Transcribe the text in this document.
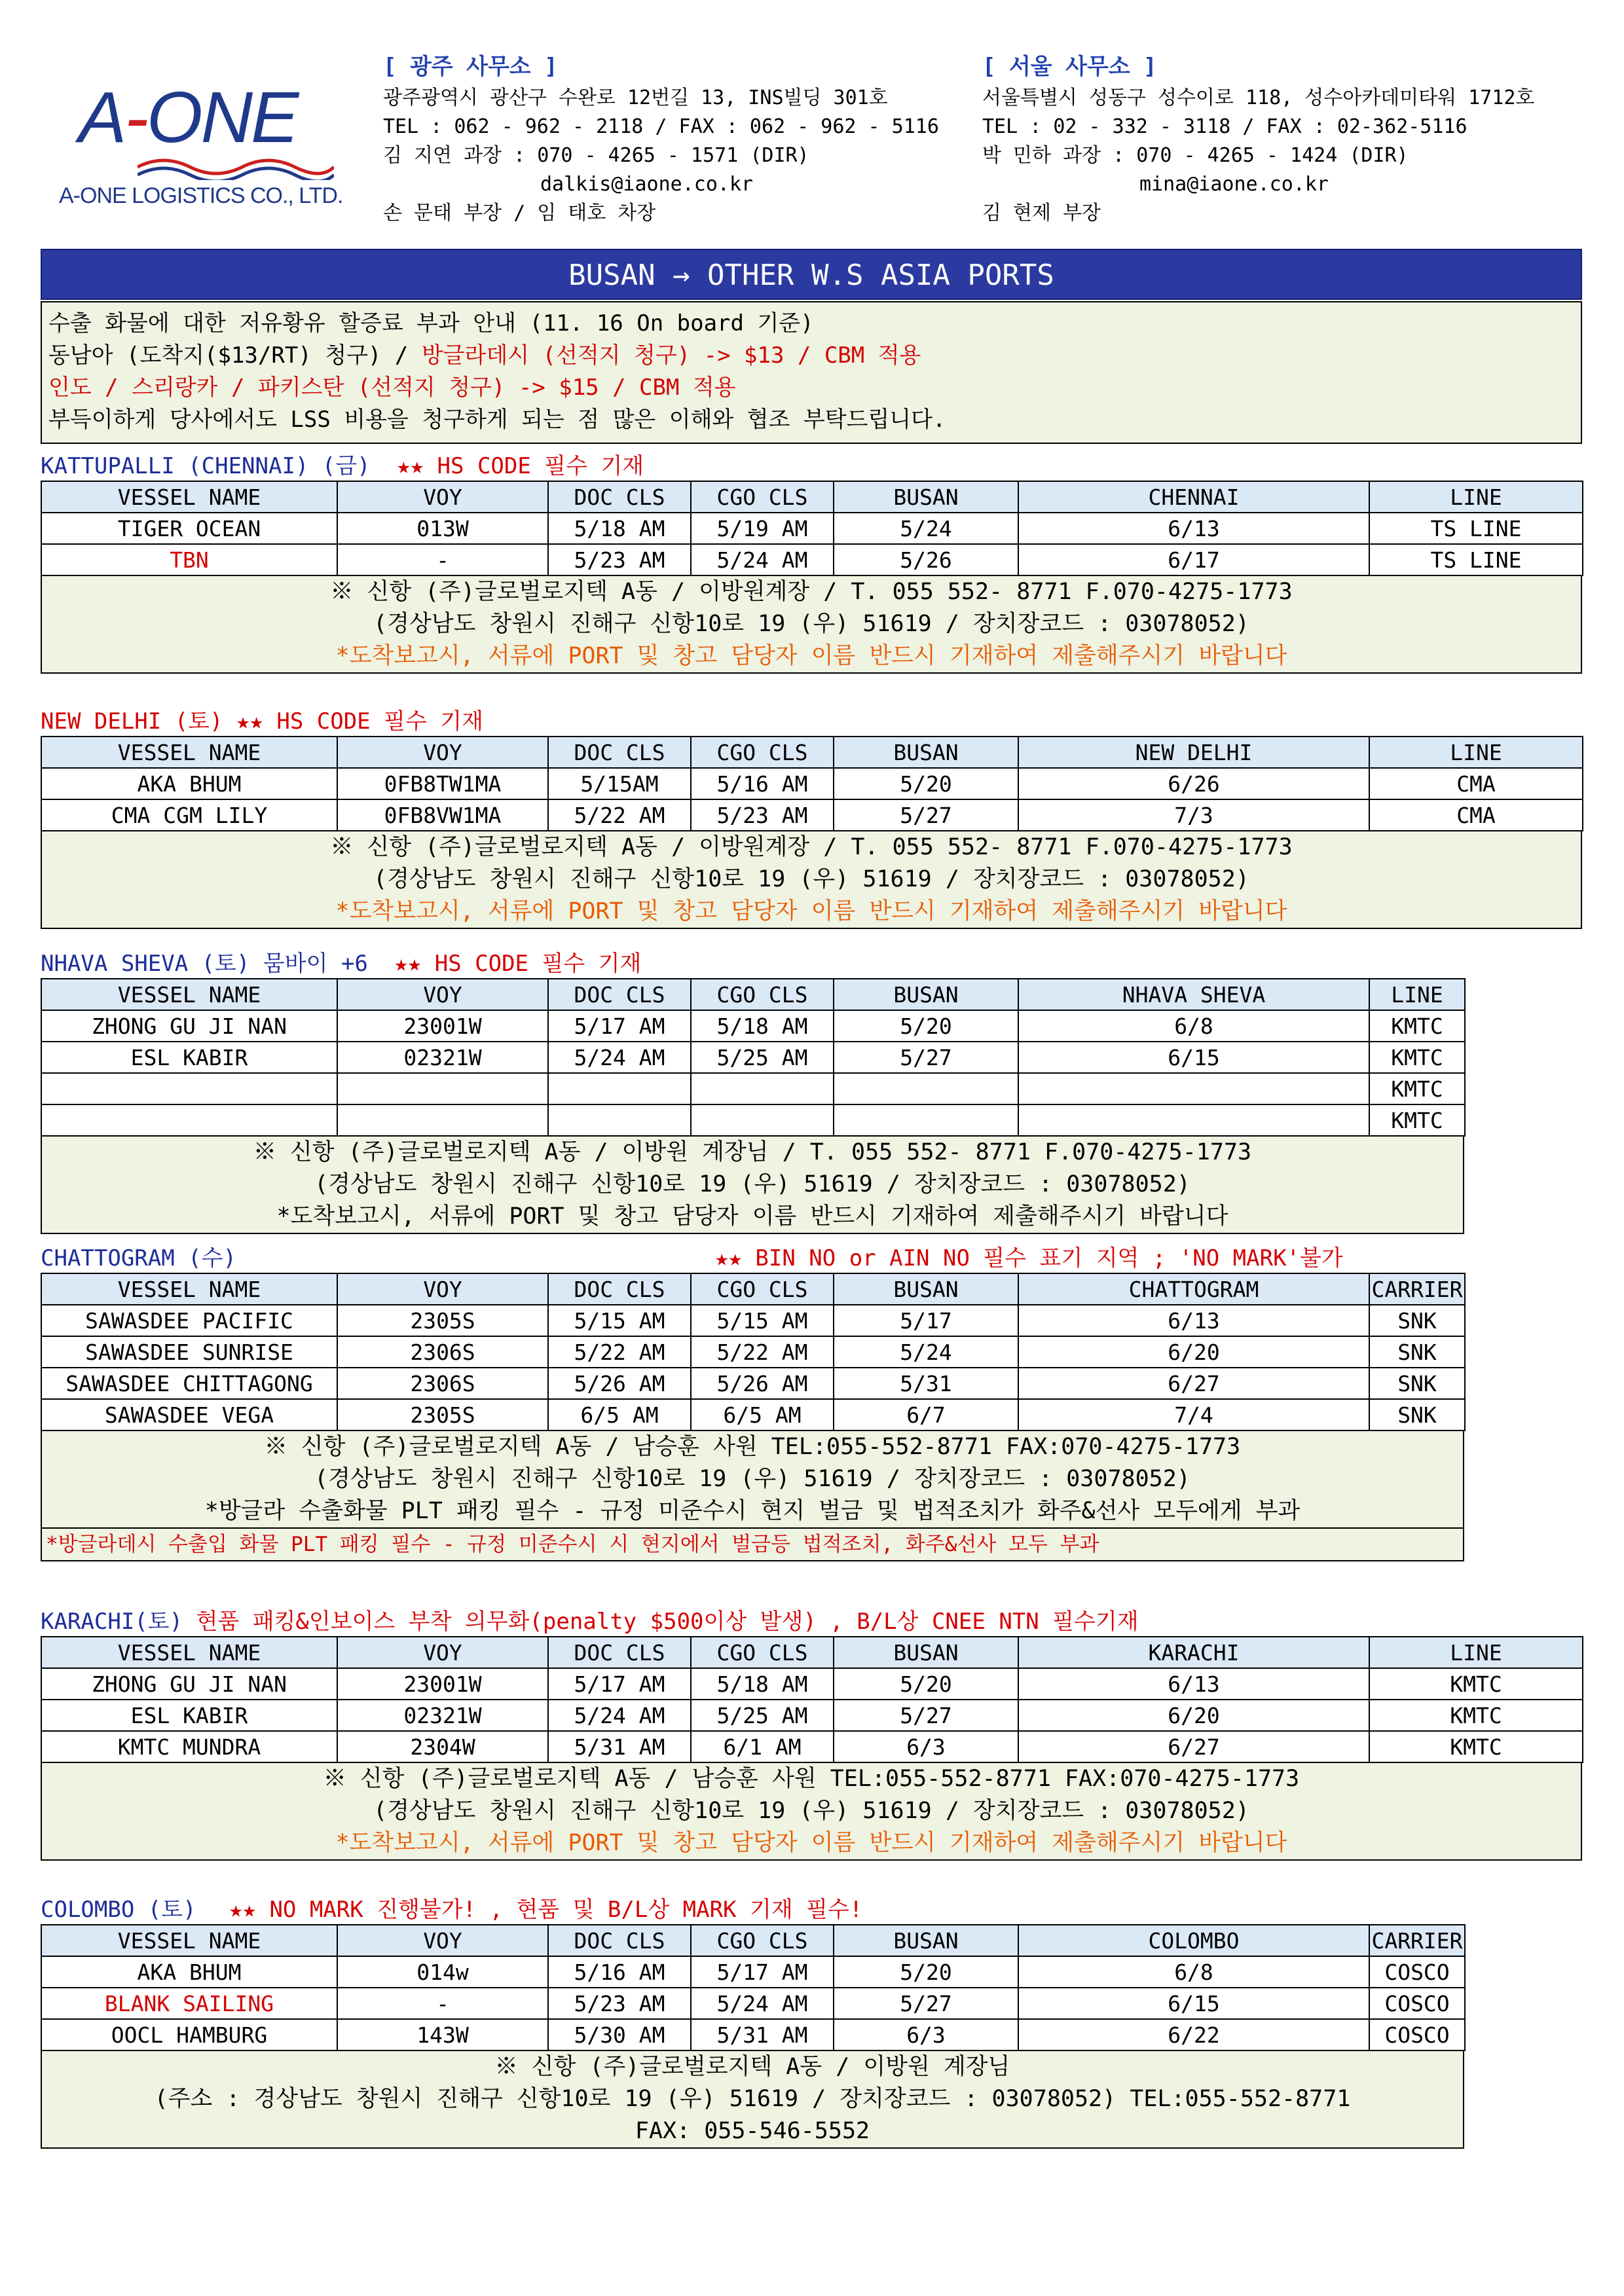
A-ONE
A-ONE LOGISTICS CO., LTD.
[ 광주 사무소 ]
광주광역시 광산구 수완로 12번길 13, INS빌딩 301호
TEL : 062 - 962 - 2118 / FAX : 062 - 962 - 5116
김 지연 과장 : 070 - 4265 - 1571 (DIR)
dalkis@iaone.co.kr
손 문태 부장 / 임 태호 차장
[ 서울 사무소 ]
서울특별시 성동구 성수이로 118, 성수아카데미타워 1712호
TEL : 02 - 332 - 3118 / FAX : 02-362-5116
박 민하 과장 : 070 - 4265 - 1424 (DIR)
mina@iaone.co.kr
김 현제 부장
BUSAN → OTHER W.S ASIA PORTS
수출 화물에 대한 저유황유 할증료 부과 안내 (11. 16 On board 기준)
동남아 (도착지($13/RT) 청구) / 방글라데시 (선적지 청구) -> $13 / CBM 적용
인도 / 스리랑카 / 파키스탄 (선적지 청구) -> $15 / CBM 적용
부득이하게 당사에서도 LSS 비용을 청구하게 되는 점 많은 이해와 협조 부탁드립니다.
KATTUPALLI (CHENNAI) (금) ★★ HS CODE 필수 기재
VESSEL NAME	VOY	DOC CLS	CGO CLS	BUSAN	CHENNAI	LINE
TIGER OCEAN	013W	5/18 AM	5/19 AM	5/24	6/13	TS LINE
TBN	-	5/23 AM	5/24 AM	5/26	6/17	TS LINE
※ 신항 (주)글로벌로지텍 A동 / 이방원계장 / T. 055 552- 8771 F.070-4275-1773
(경상남도 창원시 진해구 신항10로 19 (우) 51619 / 장치장코드 : 03078052)
*도착보고시, 서류에 PORT 및 창고 담당자 이름 반드시 기재하여 제출해주시기 바랍니다
NEW DELHI (토) ★★ HS CODE 필수 기재
VESSEL NAME	VOY	DOC CLS	CGO CLS	BUSAN	NEW DELHI	LINE
AKA BHUM	0FB8TW1MA	5/15AM	5/16 AM	5/20	6/26	CMA
CMA CGM LILY	0FB8VW1MA	5/22 AM	5/23 AM	5/27	7/3	CMA
※ 신항 (주)글로벌로지텍 A동 / 이방원계장 / T. 055 552- 8771 F.070-4275-1773
(경상남도 창원시 진해구 신항10로 19 (우) 51619 / 장치장코드 : 03078052)
*도착보고시, 서류에 PORT 및 창고 담당자 이름 반드시 기재하여 제출해주시기 바랍니다
NHAVA SHEVA (토) 뭄바이 +6 ★★ HS CODE 필수 기재
VESSEL NAME	VOY	DOC CLS	CGO CLS	BUSAN	NHAVA SHEVA	LINE
ZHONG GU JI NAN	23001W	5/17 AM	5/18 AM	5/20	6/8	KMTC
ESL KABIR	02321W	5/24 AM	5/25 AM	5/27	6/15	KMTC
						KMTC
						KMTC
※ 신항 (주)글로벌로지텍 A동 / 이방원 계장님 / T. 055 552- 8771 F.070-4275-1773
(경상남도 창원시 진해구 신항10로 19 (우) 51619 / 장치장코드 : 03078052)
*도착보고시, 서류에 PORT 및 창고 담당자 이름 반드시 기재하여 제출해주시기 바랍니다
CHATTOGRAM (수)	★★ BIN NO or AIN NO 필수 표기 지역 ; 'NO MARK'불가
VESSEL NAME	VOY	DOC CLS	CGO CLS	BUSAN	CHATTOGRAM	CARRIER
SAWASDEE PACIFIC	2305S	5/15 AM	5/15 AM	5/17	6/13	SNK
SAWASDEE SUNRISE	2306S	5/22 AM	5/22 AM	5/24	6/20	SNK
SAWASDEE CHITTAGONG	2306S	5/26 AM	5/26 AM	5/31	6/27	SNK
SAWASDEE VEGA	2305S	6/5 AM	6/5 AM	6/7	7/4	SNK
※ 신항 (주)글로벌로지텍 A동 / 남승훈 사원 TEL:055-552-8771 FAX:070-4275-1773
(경상남도 창원시 진해구 신항10로 19 (우) 51619 / 장치장코드 : 03078052)
*방글라 수출화물 PLT 패킹 필수 - 규정 미준수시 현지 벌금 및 법적조치가 화주&선사 모두에게 부과
*방글라데시 수출입 화물 PLT 패킹 필수 - 규정 미준수시 시 현지에서 벌금등 법적조치, 화주&선사 모두 부과
KARACHI(토) 현품 패킹&인보이스 부착 의무화(penalty $500이상 발생) , B/L상 CNEE NTN 필수기재
VESSEL NAME	VOY	DOC CLS	CGO CLS	BUSAN	KARACHI	LINE
ZHONG GU JI NAN	23001W	5/17 AM	5/18 AM	5/20	6/13	KMTC
ESL KABIR	02321W	5/24 AM	5/25 AM	5/27	6/20	KMTC
KMTC MUNDRA	2304W	5/31 AM	6/1 AM	6/3	6/27	KMTC
※ 신항 (주)글로벌로지텍 A동 / 남승훈 사원 TEL:055-552-8771 FAX:070-4275-1773
(경상남도 창원시 진해구 신항10로 19 (우) 51619 / 장치장코드 : 03078052)
*도착보고시, 서류에 PORT 및 창고 담당자 이름 반드시 기재하여 제출해주시기 바랍니다
COLOMBO (토) ★★ NO MARK 진행불가! , 현품 및 B/L상 MARK 기재 필수!
VESSEL NAME	VOY	DOC CLS	CGO CLS	BUSAN	COLOMBO	CARRIER
AKA BHUM	014w	5/16 AM	5/17 AM	5/20	6/8	COSCO
BLANK SAILING	-	5/23 AM	5/24 AM	5/27	6/15	COSCO
OOCL HAMBURG	143W	5/30 AM	5/31 AM	6/3	6/22	COSCO
※ 신항 (주)글로벌로지텍 A동 / 이방원 계장님
(주소 : 경상남도 창원시 진해구 신항10로 19 (우) 51619 / 장치장코드 : 03078052) TEL:055-552-8771
FAX: 055-546-5552
